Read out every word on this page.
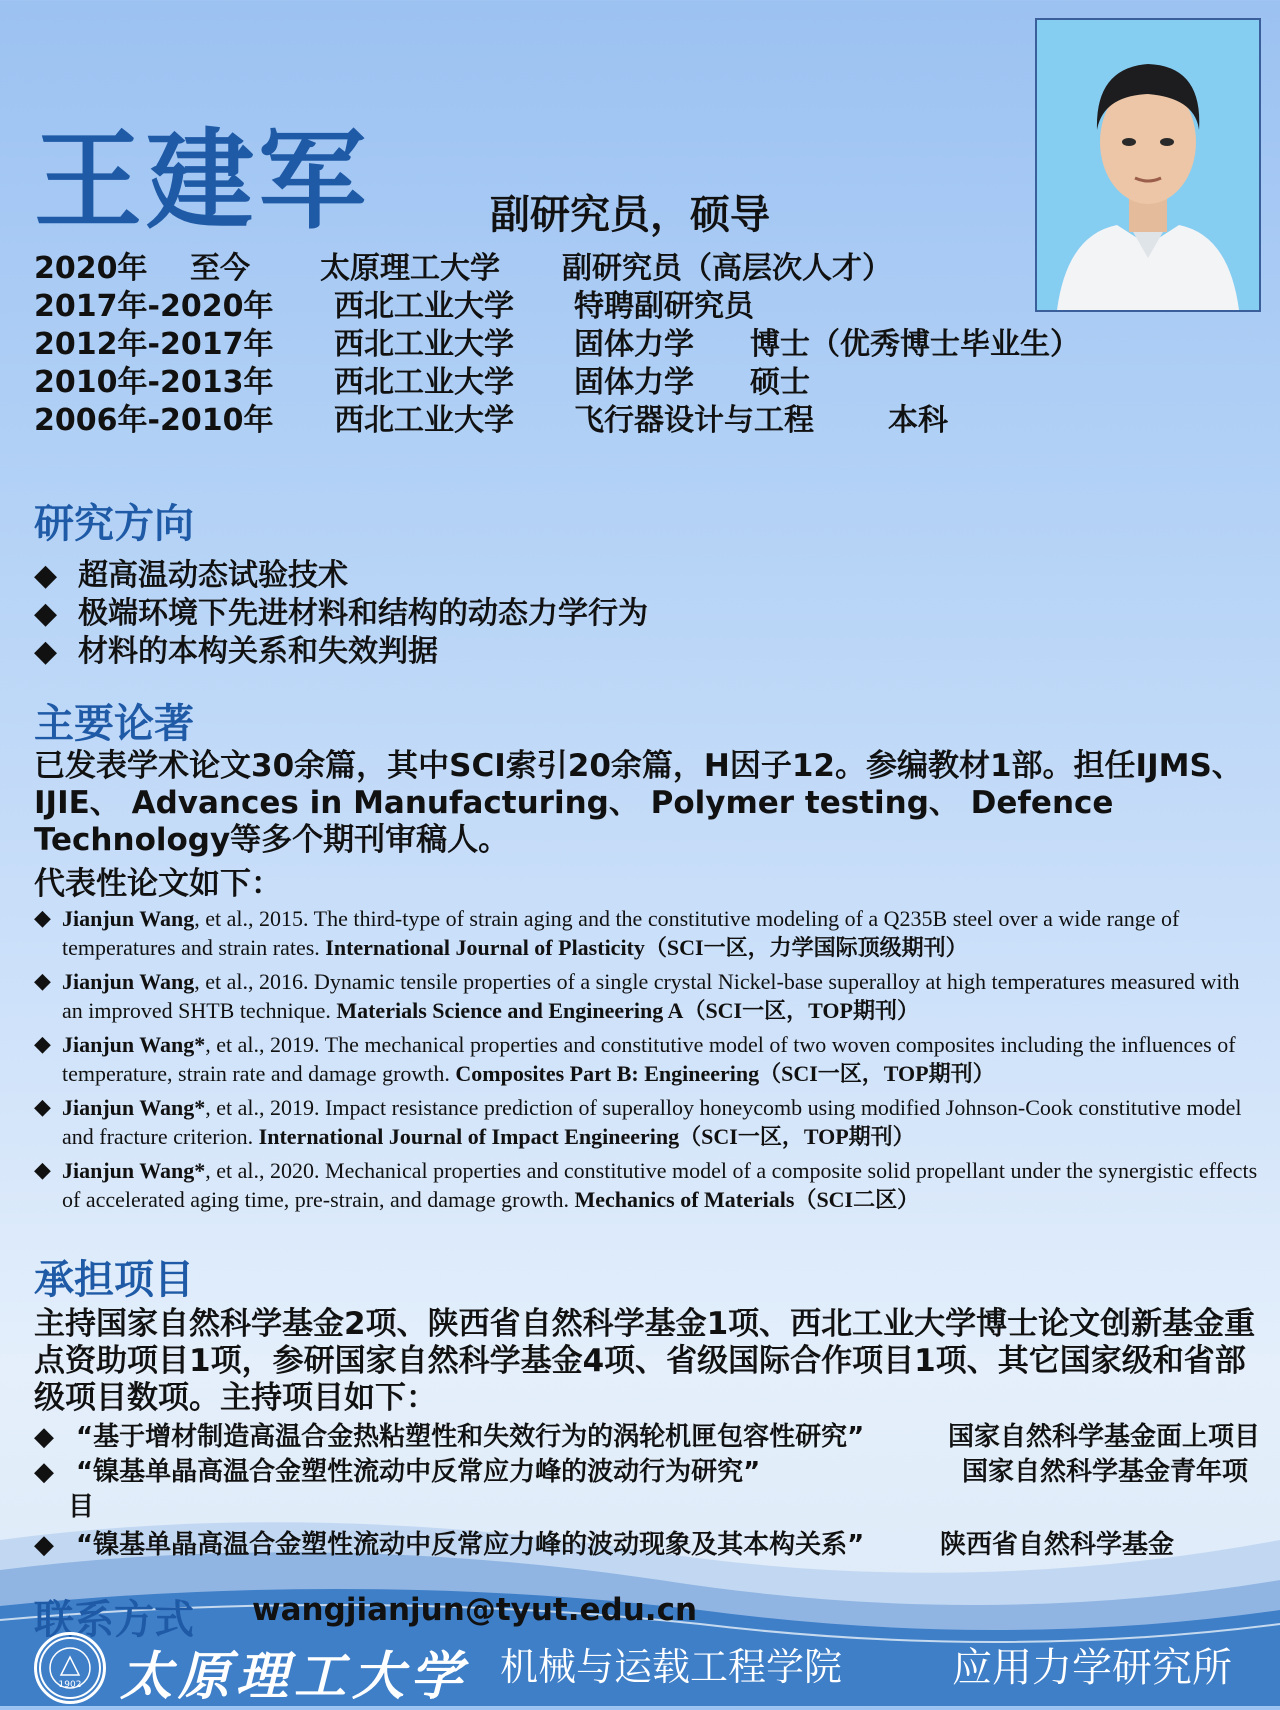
王建军	副研究员，硕导
2020年 至今 太原理工大学 副研究员（高层次人才）
2017年-2020年 西北工业大学 特聘副研究员
2012年-2017年 西北工业大学 固体力学 博士（优秀博士毕业生）
2010年-2013年 西北工业大学 固体力学 硕士
2006年-2010年 西北工业大学 飞行器设计与工程 本科
研究方向
◆ 超高温动态试验技术
◆ 极端环境下先进材料和结构的动态力学行为
◆ 材料的本构关系和失效判据
主要论著
已发表学术论文30余篇，其中SCI索引20余篇，H因子12。参编教材1部。担任IJMS、IJIE、 Advances in Manufacturing、 Polymer testing、 Defence Technology等多个期刊审稿人。
代表性论文如下：
◆ Jianjun Wang, et al., 2015. The third-type of strain aging and the constitutive modeling of a Q235B steel over a wide range of temperatures and strain rates. International Journal of Plasticity（SCI一区，力学国际顶级期刊）
◆ Jianjun Wang, et al., 2016. Dynamic tensile properties of a single crystal Nickel-base superalloy at high temperatures measured with an improved SHTB technique. Materials Science and Engineering A（SCI一区，TOP期刊）
◆ Jianjun Wang*, et al., 2019. The mechanical properties and constitutive model of two woven composites including the influences of temperature, strain rate and damage growth. Composites Part B: Engineering（SCI一区，TOP期刊）
◆ Jianjun Wang*, et al., 2019. Impact resistance prediction of superalloy honeycomb using modified Johnson-Cook constitutive model and fracture criterion. International Journal of Impact Engineering（SCI一区，TOP期刊）
◆ Jianjun Wang*, et al., 2020. Mechanical properties and constitutive model of a composite solid propellant under the synergistic effects of accelerated aging time, pre-strain, and damage growth. Mechanics of Materials（SCI二区）
承担项目
主持国家自然科学基金2项、陕西省自然科学基金1项、西北工业大学博士论文创新基金重点资助项目1项，参研国家自然科学基金4项、省级国际合作项目1项、其它国家级和省部级项目数项。主持项目如下：
◆ “基于增材制造高温合金热粘塑性和失效行为的涡轮机匣包容性研究”	国家自然科学基金面上项目
◆ “镍基单晶高温合金塑性流动中反常应力峰的波动行为研究”	国家自然科学基金青年项
目
◆ “镍基单晶高温合金塑性流动中反常应力峰的波动现象及其本构关系”	陕西省自然科学基金
联系方式 wangjianjun@tyut.edu.cn
1902 太原理工大学 机械与运载工程学院	应用力学研究所
